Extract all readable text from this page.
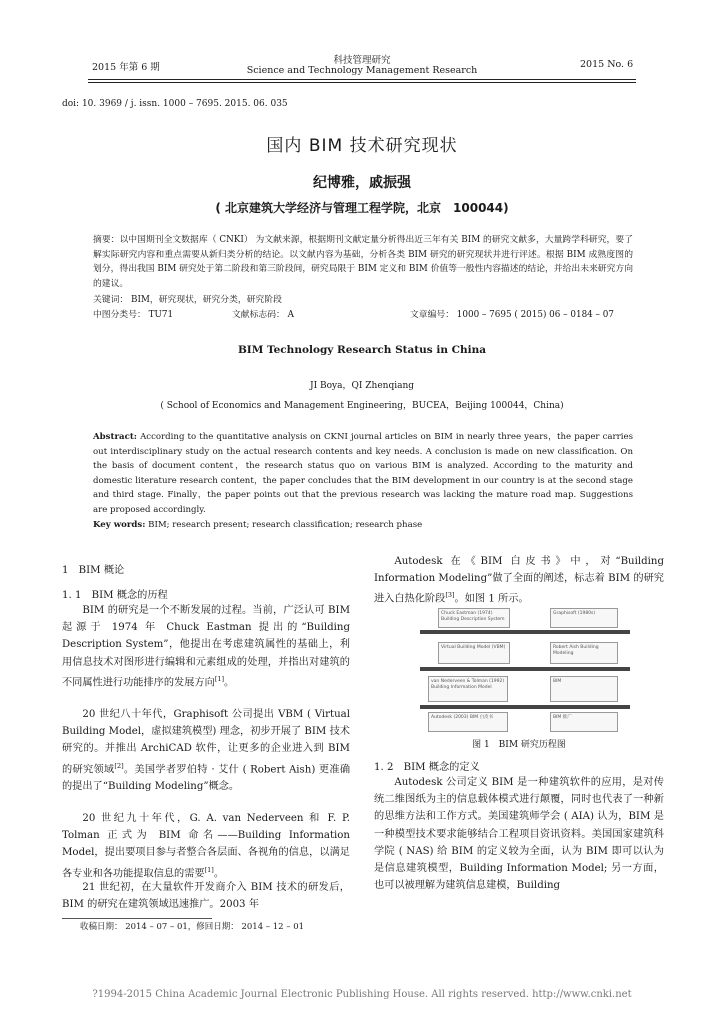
2015 年第 6 期
科技管理研究
Science and Technology Management Research
2015 No. 6
doi: 10. 3969 / j. issn. 1000 – 7695. 2015. 06. 035
国内 BIM 技术研究现状
纪博雅，戚振强
( 北京建筑大学经济与管理工程学院，北京　100044)
摘要：以中国期刊全文数据库（ CNKI） 为文献来源，根据期刊文献定量分析得出近三年有关 BIM 的研究文献多，大量跨学科研究，要了解实际研究内容和重点需要从新归类分析的结论。以文献内容为基础，分析各类 BIM 研究的研究现状并进行评述。根据 BIM 成熟度图的划分，得出我国 BIM 研究处于第二阶段和第三阶段间，研究局限于 BIM 定义和 BIM 价值等一般性内容描述的结论，并给出未来研究方向的建议。
关键词： BIM，研究现状，研究分类，研究阶段
中图分类号： TU71	文献标志码： A	文章编号： 1000 – 7695 ( 2015) 06 – 0184 – 07
BIM Technology Research Status in China
JI Boya，QI Zhenqiang
( School of Economics and Management Engineering，BUCEA，Beijing 100044，China)
Abstract: According to the quantitative analysis on CKNI journal articles on BIM in nearly three years，the paper carries out interdisciplinary study on the actual research contents and key needs. A conclusion is made on new classification. On the basis of document content，the research status quo on various BIM is analyzed. According to the maturity and domestic literature research content，the paper concludes that the BIM development in our country is at the second stage and third stage. Finally，the paper points out that the previous research was lacking the mature road map. Suggestions are proposed accordingly.
Key words: BIM; research present; research classification; research phase
1　BIM 概论
1. 1　BIM 概念的历程
BIM 的研究是一个不断发展的过程。当前，广泛认可 BIM 起源于 1974 年 Chuck Eastman 提出的“Building Description System”，他提出在考虑建筑属性的基础上，利用信息技术对图形进行编辑和元素组成的处理，并指出对建筑的不同属性进行功能排序的发展方向[1]。
20 世纪八十年代，Graphisoft 公司提出 VBM ( Virtual Building Model，虚拟建筑模型) 理念，初步开展了 BIM 技术研究的。并推出 ArchiCAD 软件，让更多的企业进入到 BIM 的研究领域[2]。美国学者罗伯特 · 艾什 ( Robert Aish) 更准确的提出了“Building Modeling”概念。
20 世纪九十年代，G. A. van Nederveen 和 F. P. Tolman 正式为 BIM 命名——Building Information Model，提出要项目参与者整合各层面、各视角的信息，以满足各专业和各功能提取信息的需要[1]。
21 世纪初，在大量软件开发商介入 BIM 技术的研发后，BIM 的研究在建筑领域迅速推广。2003 年
收稿日期： 2014 – 07 – 01，修回日期： 2014 – 12 – 01
Autodesk 在《BIM 白皮书》中，对“Building Information Modeling”做了全面的阐述，标志着 BIM 的研究进入白热化阶段[3]。如图 1 所示。
Chuck Eastman (1974) Building Description System
Graphisoft (1980s)
Virtual Building Model (VBM)	Robert Aish Building Modeling
van Nederveen & Tolman (1992) Building Information Model
BIM
Autodesk (2003) BIM 白皮书	BIM 推广
图 1　BIM 研究历程图
1. 2　BIM 概念的定义
Autodesk 公司定义 BIM 是一种建筑软件的应用，是对传统二维图纸为主的信息载体模式进行颠覆，同时也代表了一种新的思维方法和工作方式。美国建筑师学会 ( AIA) 认为，BIM 是一种模型技术要求能够结合工程项目资讯资料。美国国家建筑科学院 ( NAS) 给 BIM 的定义较为全面，认为 BIM 即可以认为是信息建筑模型，Building Information Model; 另一方面，也可以被理解为建筑信息建模，Building
?1994-2015 China Academic Journal Electronic Publishing House. All rights reserved. http://www.cnki.net
